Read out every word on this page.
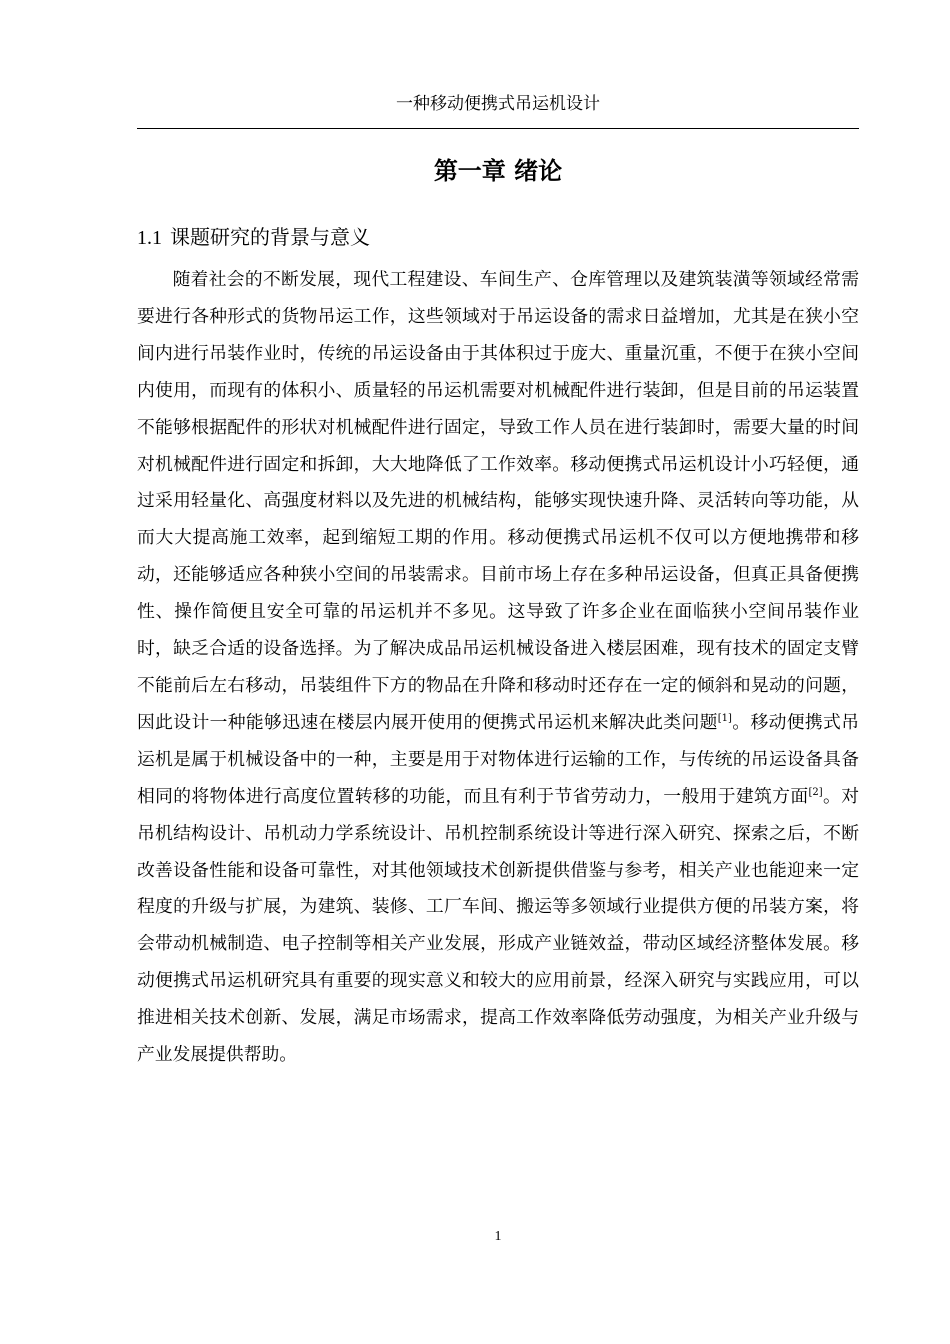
一种移动便携式吊运机设计
第一章 绪论
1.1 课题研究的背景与意义

随着社会的不断发展，现代工程建设、车间生产、仓库管理以及建筑装潢等领域经常需要进行各种形式的货物吊运工作，这些领域对于吊运设备的需求日益增加，尤其是在狭小空间内进行吊装作业时，传统的吊运设备由于其体积过于庞大、重量沉重，不便于在狭小空间内使用，而现有的体积小、质量轻的吊运机需要对机械配件进行装卸，但是目前的吊运装置不能够根据配件的形状对机械配件进行固定，导致工作人员在进行装卸时，需要大量的时间对机械配件进行固定和拆卸，大大地降低了工作效率。移动便携式吊运机设计小巧轻便，通过采用轻量化、高强度材料以及先进的机械结构，能够实现快速升降、灵活转向等功能，从而大大提高施工效率，起到缩短工期的作用。移动便携式吊运机不仅可以方便地携带和移动，还能够适应各种狭小空间的吊装需求。目前市场上存在多种吊运设备，但真正具备便携性、操作简便且安全可靠的吊运机并不多见。这导致了许多企业在面临狭小空间吊装作业时，缺乏合适的设备选择。为了解决成品吊运机械设备进入楼层困难，现有技术的固定支臂不能前后左右移动，吊装组件下方的物品在升降和移动时还存在一定的倾斜和晃动的问题，因此设计一种能够迅速在楼层内展开使用的便携式吊运机来解决此类问题[1]。移动便携式吊运机是属于机械设备中的一种，主要是用于对物体进行运输的工作，与传统的吊运设备具备相同的将物体进行高度位置转移的功能，而且有利于节省劳动力，一般用于建筑方面[2]。对吊机结构设计、吊机动力学系统设计、吊机控制系统设计等进行深入研究、探索之后，不断改善设备性能和设备可靠性，对其他领域技术创新提供借鉴与参考，相关产业也能迎来一定程度的升级与扩展，为建筑、装修、工厂车间、搬运等多领域行业提供方便的吊装方案，将会带动机械制造、电子控制等相关产业发展，形成产业链效益，带动区域经济整体发展。移动便携式吊运机研究具有重要的现实意义和较大的应用前景，经深入研究与实践应用，可以推进相关技术创新、发展，满足市场需求，提高工作效率降低劳动强度，为相关产业升级与产业发展提供帮助。

1
